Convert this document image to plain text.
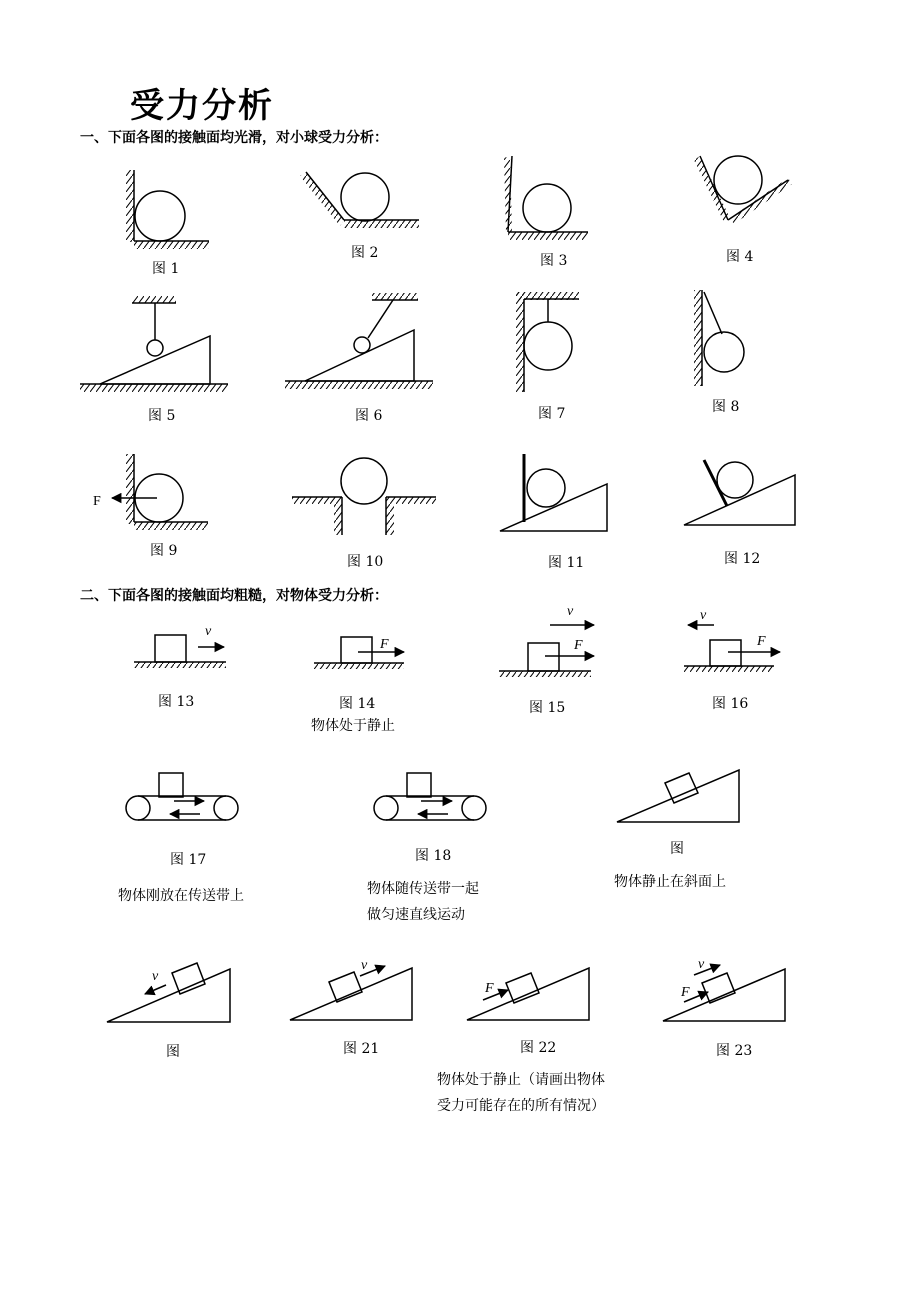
受力分析
一、下面各图的接触面均光滑，对小球受力分析：
二、下面各图的接触面均粗糙，对物体受力分析：
F
v
F
v
F
v
F
v
v
F
v
F
图 1
图 2	图 3	图 4
图 5	图 6	图 7	图 8
图 9
图 10	图 11	图 12
图 13	图 14	图 15	图 16
物体处于静止
图 17	图 18	图
物体刚放在传送带上	物体随传送带一起
做匀速直线运动
物体静止在斜面上
图	图 21	图 22	图 23
物体处于静止（请画出物体
受力可能存在的所有情况）
